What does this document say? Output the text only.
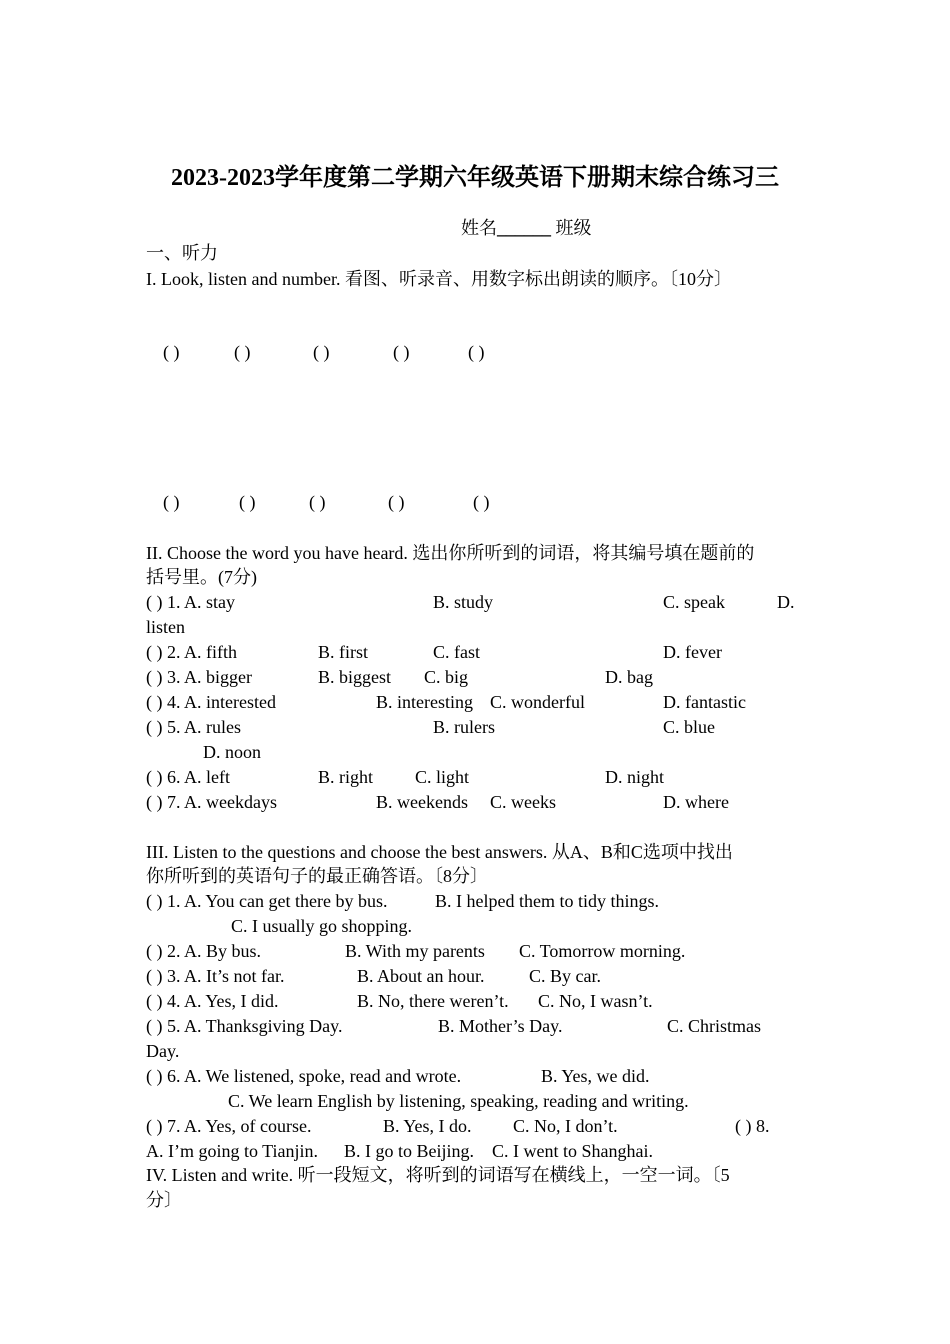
2023-2023学年度第二学期六年级英语下册期末综合练习三
姓名______ 班级
一、听力
I. Look, listen and number. 看图、听录音、用数字标出朗读的顺序。〔10分〕
( )	( )	( )	( )	( )
( )	( )	( )	( )	( )
II. Choose the word you have heard. 选出你所听到的词语，将其编号填在题前的
括号里。(7分)
( ) 1. A. stay	B. study	C. speak	D.
listen
( ) 2. A. fifth	B. first	C. fast	D. fever
( ) 3. A. bigger	B. biggest C. big	D. bag
( ) 4. A. interested	B. interesting C. wonderful	D. fantastic
( ) 5. A. rules	B. rulers	C. blue
D. noon
( ) 6. A. left	B. right C. light	D. night
( ) 7. A. weekdays	B. weekends C. weeks	D. where
III. Listen to the questions and choose the best answers. 从A、B和C选项中找出
你所听到的英语句子的最正确答语。〔8分〕
( ) 1. A. You can get there by bus.	B. I helped them to tidy things.
C. I usually go shopping.
( ) 2. A. By bus.	B. With my parents C. Tomorrow morning.
( ) 3. A. It’s not far.	B. About an hour. C. By car.
( ) 4. A. Yes, I did.	B. No, there weren’t. C. No, I wasn’t.
( ) 5. A. Thanksgiving Day.	B. Mother’s Day.	C. Christmas
Day.
( ) 6. A. We listened, spoke, read and wrote.	B. Yes, we did.
C. We learn English by listening, speaking, reading and writing.
( ) 7. A. Yes, of course.	B. Yes, I do. C. No, I don’t.	( ) 8.
A. I’m going to Tianjin. B. I go to Beijing. C. I went to Shanghai.
IV. Listen and write. 听一段短文，将听到的词语写在横线上，一空一词。〔5
分〕
